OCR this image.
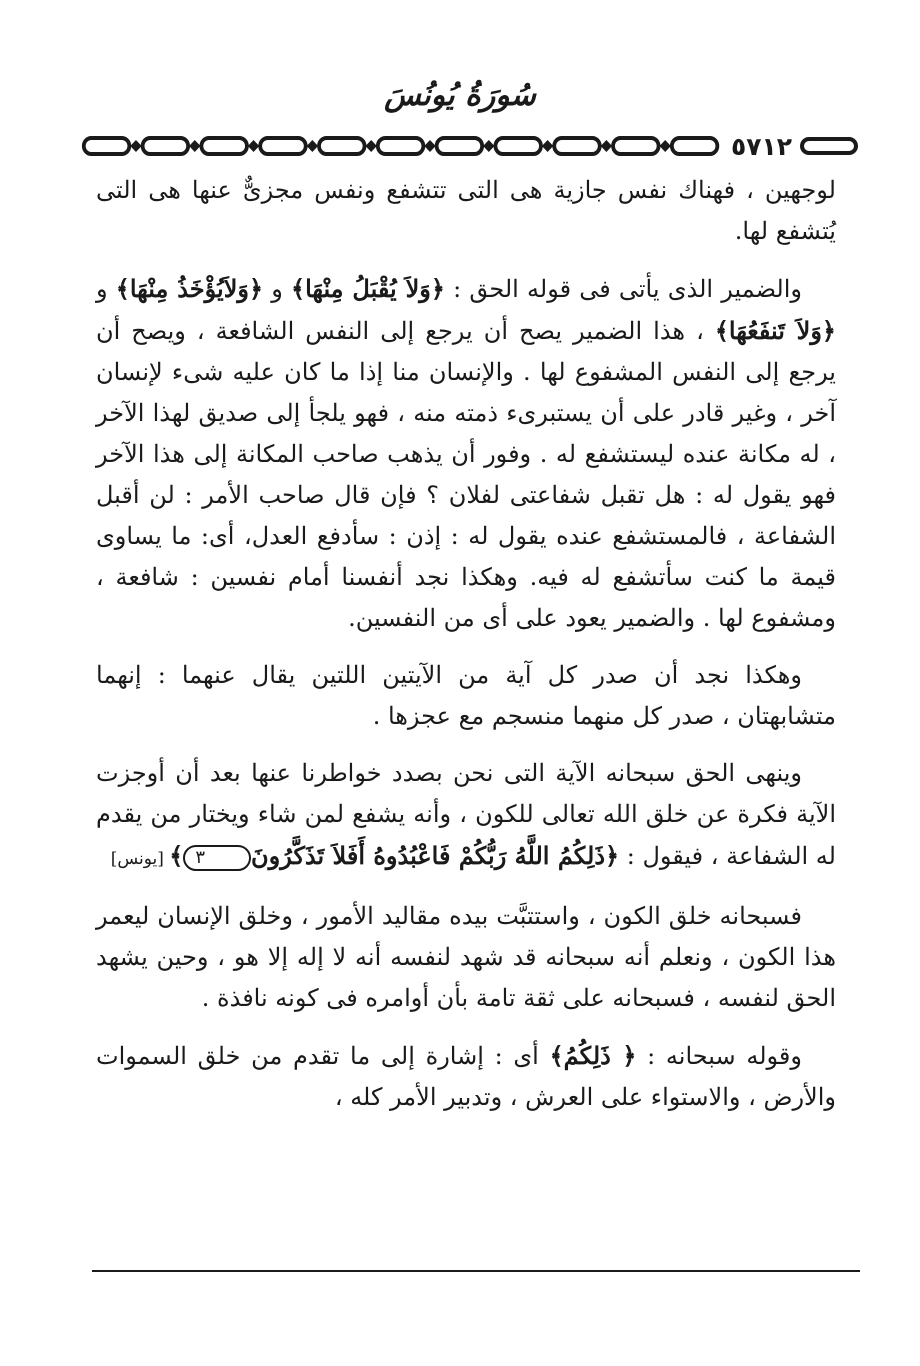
سُورَةُ يُونُسَ
٥٧١٢

لوجهين ، فهناك نفس جازية هى التى تتشفع ونفس مجزىٌّ عنها هى التى يُتشفع لها.

والضمير الذى يأتى فى قوله الحق : ﴿وَلاَ يُقْبَلُ مِنْهَا﴾ و ﴿وَلاَيُؤْخَذُ مِنْهَا﴾ و ﴿وَلاَ تَنفَعُهَا﴾ ، هذا الضمير يصح أن يرجع إلى النفس الشافعة ، ويصح أن يرجع إلى النفس المشفوع لها . والإنسان منا إذا ما كان عليه شىء لإنسان آخر ، وغير قادر على أن يستبرىء ذمته منه ، فهو يلجأ إلى صديق لهذا الآخر ، له مكانة عنده ليستشفع له . وفور أن يذهب صاحب المكانة إلى هذا الآخر فهو يقول له : هل تقبل شفاعتى لفلان ؟ فإن قال صاحب الأمر : لن أقبل الشفاعة ، فالمستشفع عنده يقول له : إذن : سأدفع العدل، أى: ما يساوى قيمة ما كنت سأتشفع له فيه. وهكذا نجد أنفسنا أمام نفسين : شافعة ، ومشفوع لها . والضمير يعود على أى من النفسين.

وهكذا نجد أن صدر كل آية من الآيتين اللتين يقال عنهما : إنهما متشابهتان ، صدر كل منهما منسجم مع عجزها .

وينهى الحق سبحانه الآية التى نحن بصدد خواطرنا عنها بعد أن أوجزت الآية فكرة عن خلق الله تعالى للكون ، وأنه يشفع لمن شاء ويختار من يقدم له الشفاعة ، فيقول : ﴿ذَلِكُمُ اللَّهُ رَبُّكُمْ فَاعْبُدُوهُ أَفَلاَ تَذَكَّرُونَ٣﴾ [يونس]

فسبحانه خلق الكون ، واستتبَّت بيده مقاليد الأمور ، وخلق الإنسان ليعمر هذا الكون ، ونعلم أنه سبحانه قد شهد لنفسه أنه لا إله إلا هو ، وحين يشهد الحق لنفسه ، فسبحانه على ثقة تامة بأن أوامره فى كونه نافذة .

وقوله سبحانه : ﴿ ذَلِكُمُ﴾ أى : إشارة إلى ما تقدم من خلق السموات والأرض ، والاستواء على العرش ، وتدبير الأمر كله ،
